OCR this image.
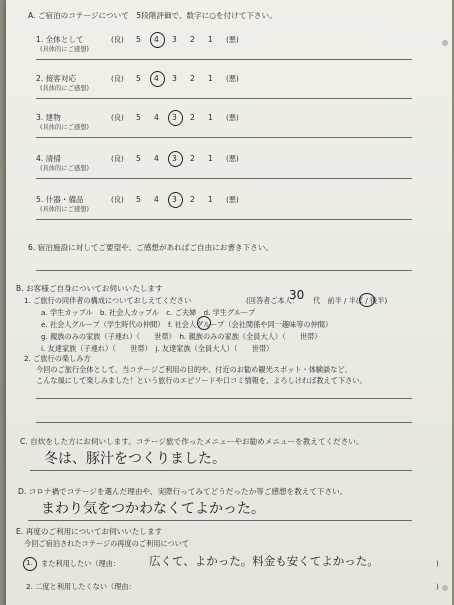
A. ご宿泊のコテージについて　5段階評価で、数字に○を付けて下さい。
1. 全体として	(良) 5 4 3 2 1 (悪)
(具体的にご感想)
2. 接客対応	(良) 5 4 3 2 1 (悪)
(具体的にご感想)
3. 建物	(良) 5 4 3 2 1 (悪)
(具体的にご感想)
4. 清掃	(良) 5 4 3 2 1 (悪)
(具体的にご感想)
5. 什器・備品	(良) 5 4 3 2 1 (悪)
(具体的にご感想)
6. 宿泊施設に対してご要望や、ご感想があればご自由にお書き下さい。
B. お客様ご自身についてお伺いいたします
1. ご旅行の同伴者の構成についておしえてください	(回答者ご本人：
30 代　前半 / 半ば / 後半)
a. 学生カップル　b. 社会人カップル　c. ご夫婦　d. 学生グループ
e. 社会人グループ（学生時代の仲間）　f. 社会人グループ（会社関係や同一趣味等の仲間）
g. 親族のみの家族（子連れ）（　　世帯）　h. 親族のみの家族（全員大人）（　　世帯）
i. 友達家族（子連れ）（　　世帯）　j. 友達家族（全員大人）（　　世帯）
2. ご旅行の楽しみ方
今回のご旅行全体として、当コテージご利用の目的や、付近のお勧め観光スポット・体験談など、
こんな風にして楽しみました！という旅行のエピソードや口コミ情報を、よろしければ教えて下さい。
C. 自炊をした方にお伺いします。コテージ旅で作ったメニューやお勧めメニューを教えてください。
冬は、豚汁をつくりました。
D. コロナ禍でコテージを選んだ理由や、実際行ってみてどうだったか等ご感想を教えて下さい。
まわり気をつかわなくてよかった。
E. 再度のご利用についてお伺いいたします
今回ご宿泊されたコテージの再度のご利用について
1. また利用したい（理由：	広くて、よかった。料金も安くてよかった。	)
2. 二度と利用したくない（理由：	)
